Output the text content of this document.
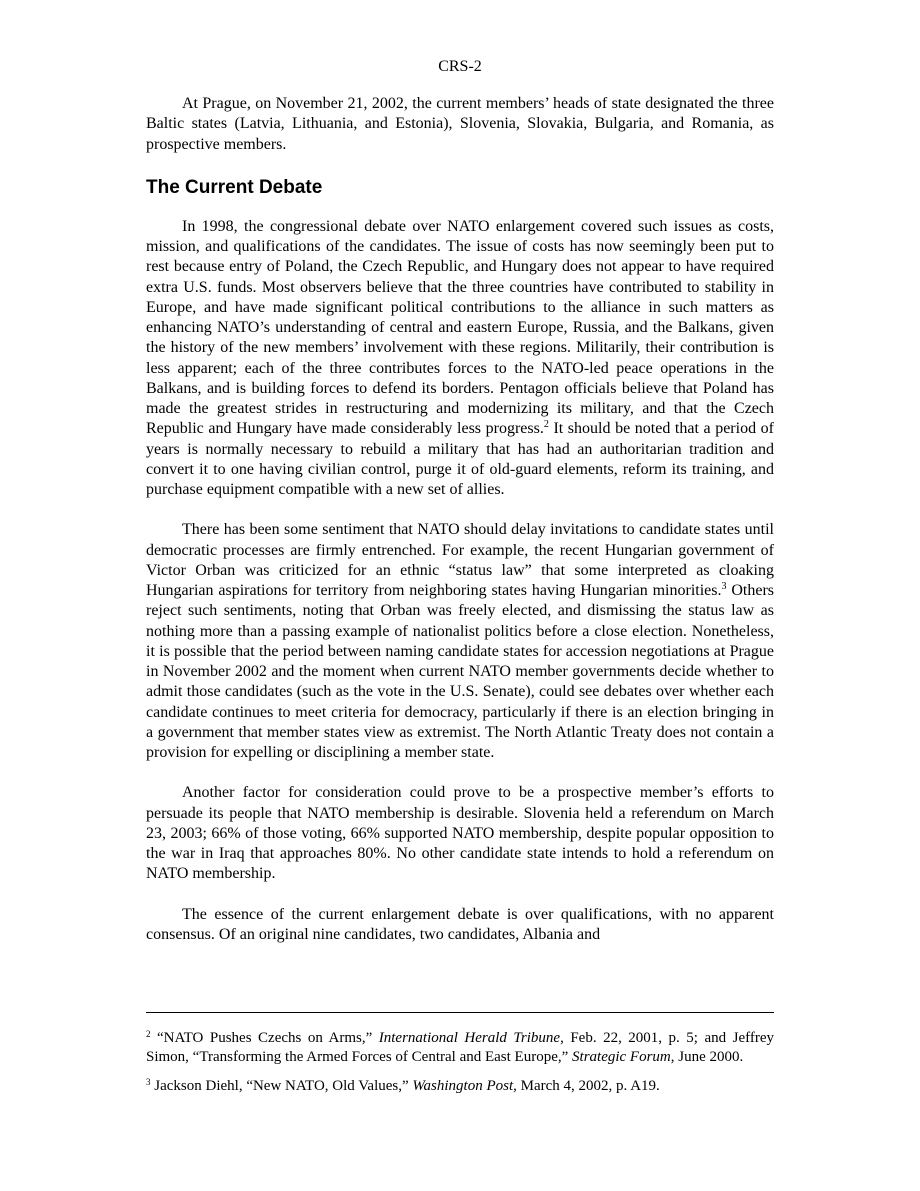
CRS-2

At Prague, on November 21, 2002, the current members’ heads of state designated the three Baltic states (Latvia, Lithuania, and Estonia), Slovenia, Slovakia, Bulgaria, and Romania, as prospective members.

The Current Debate

In 1998, the congressional debate over NATO enlargement covered such issues as costs, mission, and qualifications of the candidates. The issue of costs has now seemingly been put to rest because entry of Poland, the Czech Republic, and Hungary does not appear to have required extra U.S. funds. Most observers believe that the three countries have contributed to stability in Europe, and have made significant political contributions to the alliance in such matters as enhancing NATO’s understanding of central and eastern Europe, Russia, and the Balkans, given the history of the new members’ involvement with these regions. Militarily, their contribution is less apparent; each of the three contributes forces to the NATO-led peace operations in the Balkans, and is building forces to defend its borders. Pentagon officials believe that Poland has made the greatest strides in restructuring and modernizing its military, and that the Czech Republic and Hungary have made considerably less progress.$^2$ It should be noted that a period of years is normally necessary to rebuild a military that has had an authoritarian tradition and convert it to one having civilian control, purge it of old-guard elements, reform its training, and purchase equipment compatible with a new set of allies.

There has been some sentiment that NATO should delay invitations to candidate states until democratic processes are firmly entrenched. For example, the recent Hungarian government of Victor Orban was criticized for an ethnic “status law” that some interpreted as cloaking Hungarian aspirations for territory from neighboring states having Hungarian minorities.$^3$ Others reject such sentiments, noting that Orban was freely elected, and dismissing the status law as nothing more than a passing example of nationalist politics before a close election. Nonetheless, it is possible that the period between naming candidate states for accession negotiations at Prague in November 2002 and the moment when current NATO member governments decide whether to admit those candidates (such as the vote in the U.S. Senate), could see debates over whether each candidate continues to meet criteria for democracy, particularly if there is an election bringing in a government that member states view as extremist. The North Atlantic Treaty does not contain a provision for expelling or disciplining a member state.

Another factor for consideration could prove to be a prospective member’s efforts to persuade its people that NATO membership is desirable. Slovenia held a referendum on March 23, 2003; 66% of those voting, 66% supported NATO membership, despite popular opposition to the war in Iraq that approaches 80%. No other candidate state intends to hold a referendum on NATO membership.

The essence of the current enlargement debate is over qualifications, with no apparent consensus. Of an original nine candidates, two candidates, Albania and

$^2$ “NATO Pushes Czechs on Arms,” International Herald Tribune, Feb. 22, 2001, p. 5; and Jeffrey Simon, “Transforming the Armed Forces of Central and East Europe,” Strategic Forum, June 2000.

$^3$ Jackson Diehl, “New NATO, Old Values,” Washington Post, March 4, 2002, p. A19.
